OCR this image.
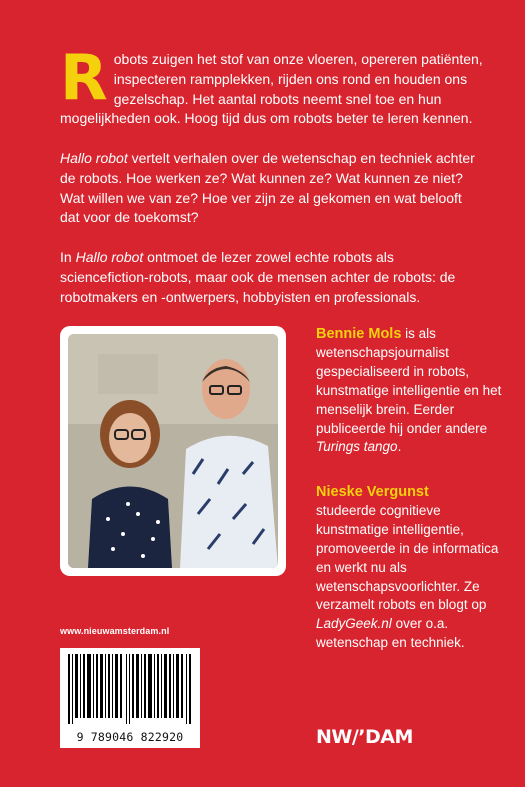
Robots zuigen het stof van onze vloeren, opereren patiënten, inspecteren rampplekken, rijden ons rond en houden ons gezelschap. Het aantal robots neemt snel toe en hun mogelijkheden ook. Hoog tijd dus om robots beter te leren kennen.

Hallo robot vertelt verhalen over de wetenschap en techniek achter de robots. Hoe werken ze? Wat kunnen ze? Wat kunnen ze niet? Wat willen we van ze? Hoe ver zijn ze al gekomen en wat belooft dat voor de toekomst?

In Hallo robot ontmoet de lezer zowel echte robots als sciencefiction-robots, maar ook de mensen achter de robots: de robotmakers en -ontwerpers, hobbyisten en professionals.

Bennie Mols is als wetenschapsjournalist gespecialiseerd in robots, kunstmatige intelligentie en het menselijk brein. Eerder publiceerde hij onder andere Turings tango.
Nieske Vergunst
studeerde cognitieve kunstmatige intelligentie, promoveerde in de informatica en werkt nu als wetenschapsvoorlichter. Ze verzamelt robots en blogt op LadyGeek.nl over o.a. wetenschap en techniek.
www.nieuwamsterdam.nl
9 789046 822920	NW/’DAM
